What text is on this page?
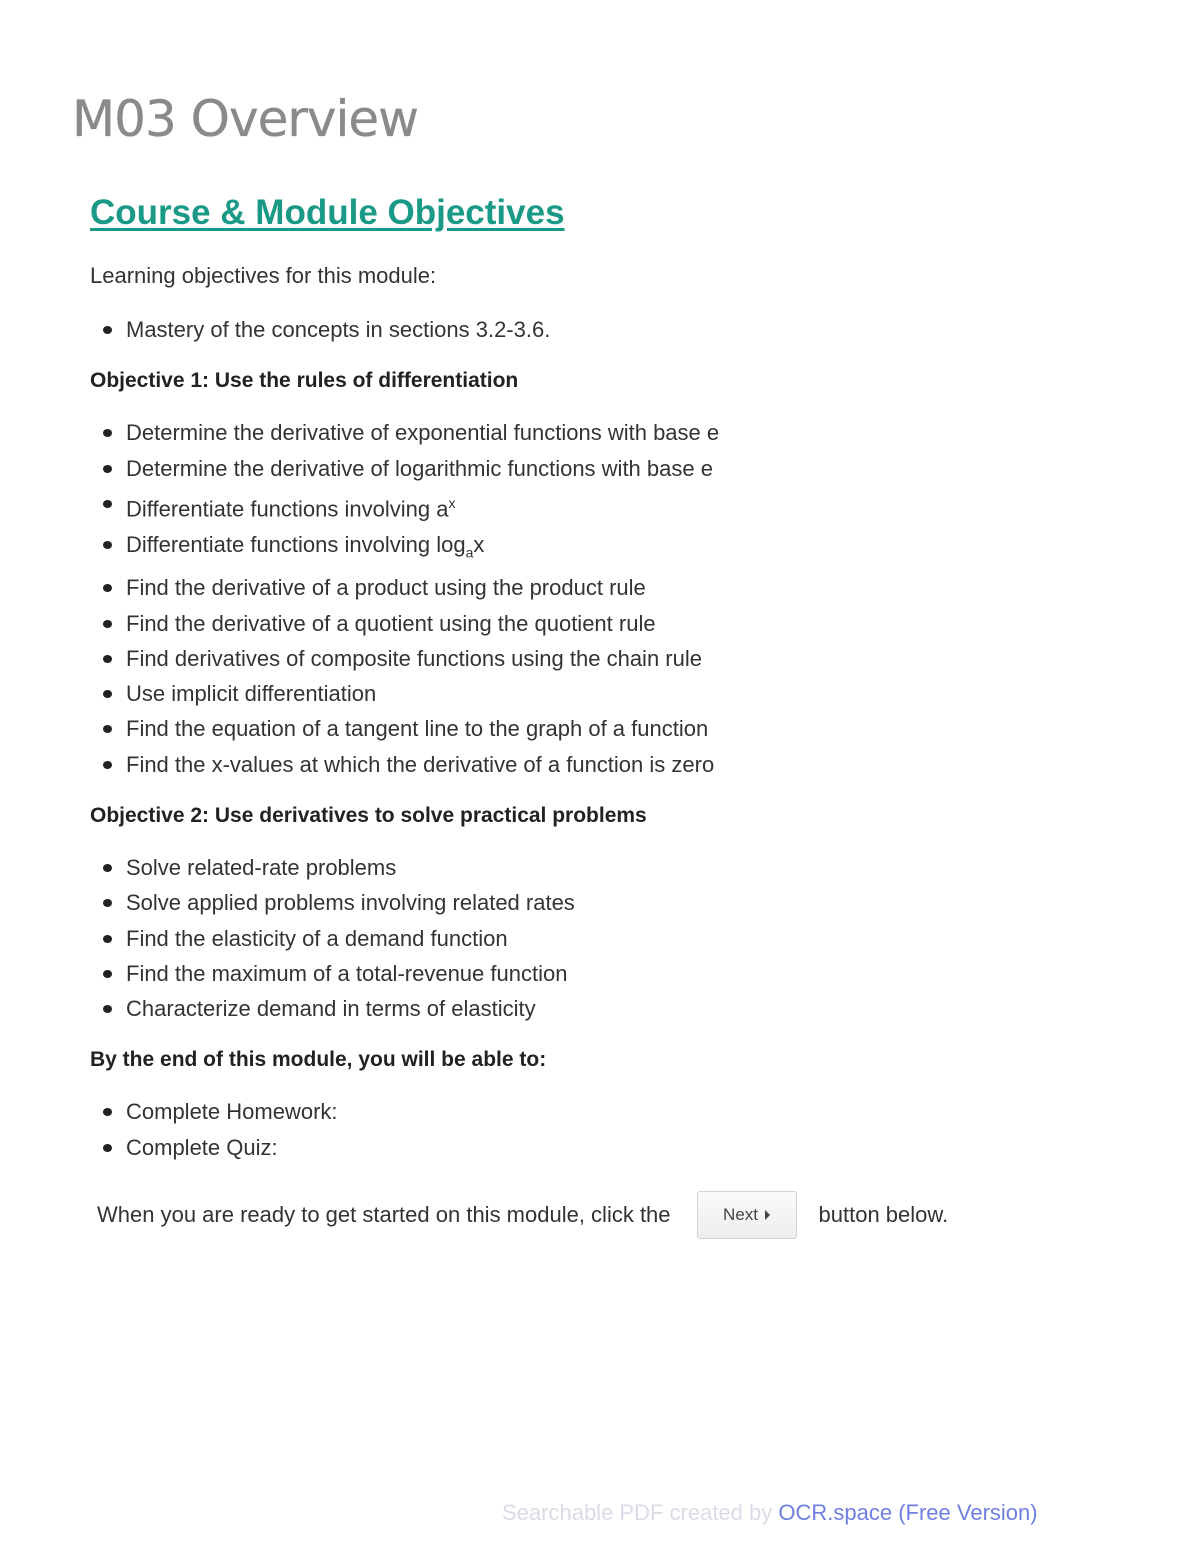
M03 Overview
Course & Module Objectives

Learning objectives for this module:

Mastery of the concepts in sections 3.2-3.6.

Objective 1: Use the rules of differentiation

Determine the derivative of exponential functions with base e
Determine the derivative of logarithmic functions with base e
Differentiate functions involving $a^x$
Differentiate functions involving $\log_ax$
Find the derivative of a product using the product rule
Find the derivative of a quotient using the quotient rule
Find derivatives of composite functions using the chain rule
Use implicit differentiation
Find the equation of a tangent line to the graph of a function
Find the x-values at which the derivative of a function is zero

Objective 2: Use derivatives to solve practical problems

Solve related-rate problems
Solve applied problems involving related rates
Find the elasticity of a demand function
Find the maximum of a total-revenue function
Characterize demand in terms of elasticity

By the end of this module, you will be able to:

Complete Homework:
Complete Quiz:
When you are ready to get started on this module, click the	Next	button below.
Searchable PDF created by OCR.space (Free Version)
